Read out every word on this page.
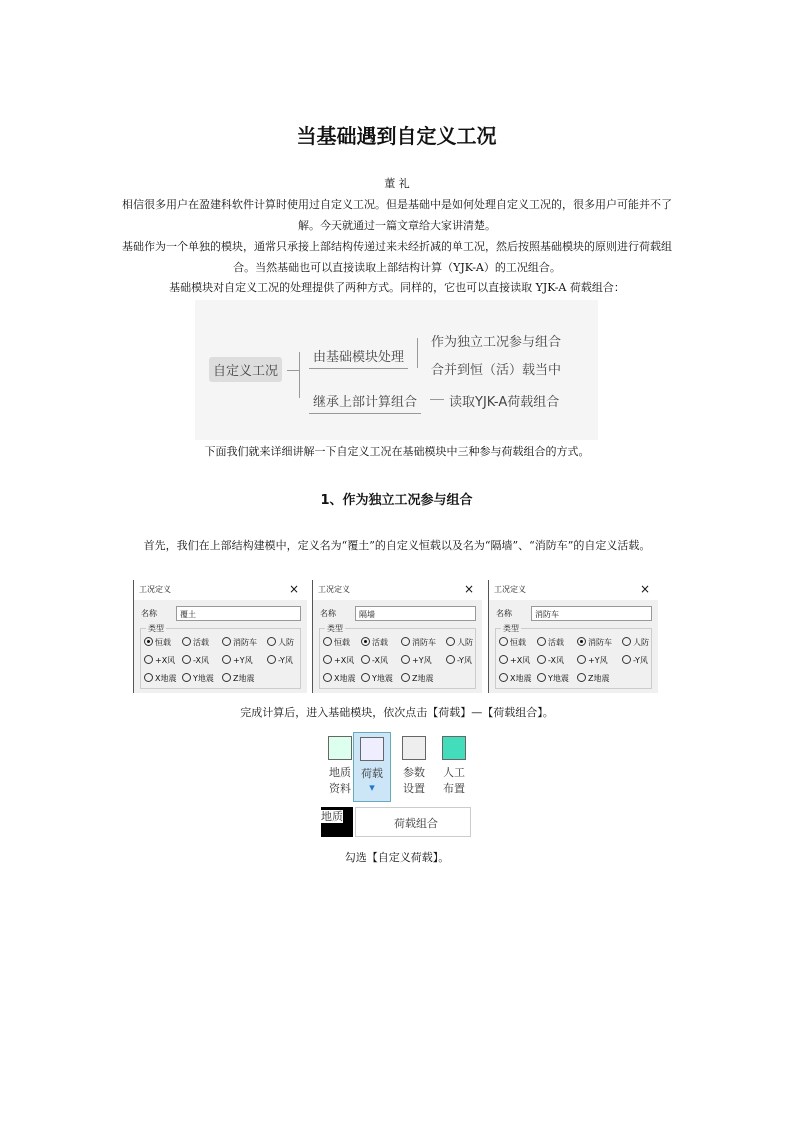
当基础遇到自定义工况
董 礼
相信很多用户在盈建科软件计算时使用过自定义工况。但是基础中是如何处理自定义工况的，很多用户可能并不了解。今天就通过一篇文章给大家讲清楚。
基础作为一个单独的模块，通常只承接上部结构传递过来未经折减的单工况，然后按照基础模块的原则进行荷载组合。当然基础也可以直接读取上部结构计算（YJK-A）的工况组合。
基础模块对自定义工况的处理提供了两种方式。同样的，它也可以直接读取 YJK-A 荷载组合：
自定义工况
由基础模块处理
继承上部计算组合
作为独立工况参与组合
合并到恒（活）载当中
读取YJK-A荷载组合
下面我们就来详细讲解一下自定义工况在基础模块中三种参与荷载组合的方式。
1、作为独立工况参与组合
首先，我们在上部结构建模中，定义名为“覆土”的自定义恒载以及名为“隔墙”、“消防车”的自定义活载。
工况定义	×
名称	覆土
类型
恒载	活载	消防车	人防
+X风	-X风	+Y风	-Y风
X地震	Y地震	Z地震
工况定义	×
名称	隔墙
类型
恒载	活载	消防车	人防
+X风	-X风	+Y风	-Y风
X地震	Y地震	Z地震
工况定义	×
名称	消防车
类型
恒载	活载	消防车	人防
+X风	-X风	+Y风	-Y风
X地震	Y地震	Z地震
完成计算后，进入基础模块，依次点击【荷载】—【荷载组合】。
地质
资料
荷载
▾
参数
设置
人工
布置
地质
荷载组合
勾选【自定义荷载】。
